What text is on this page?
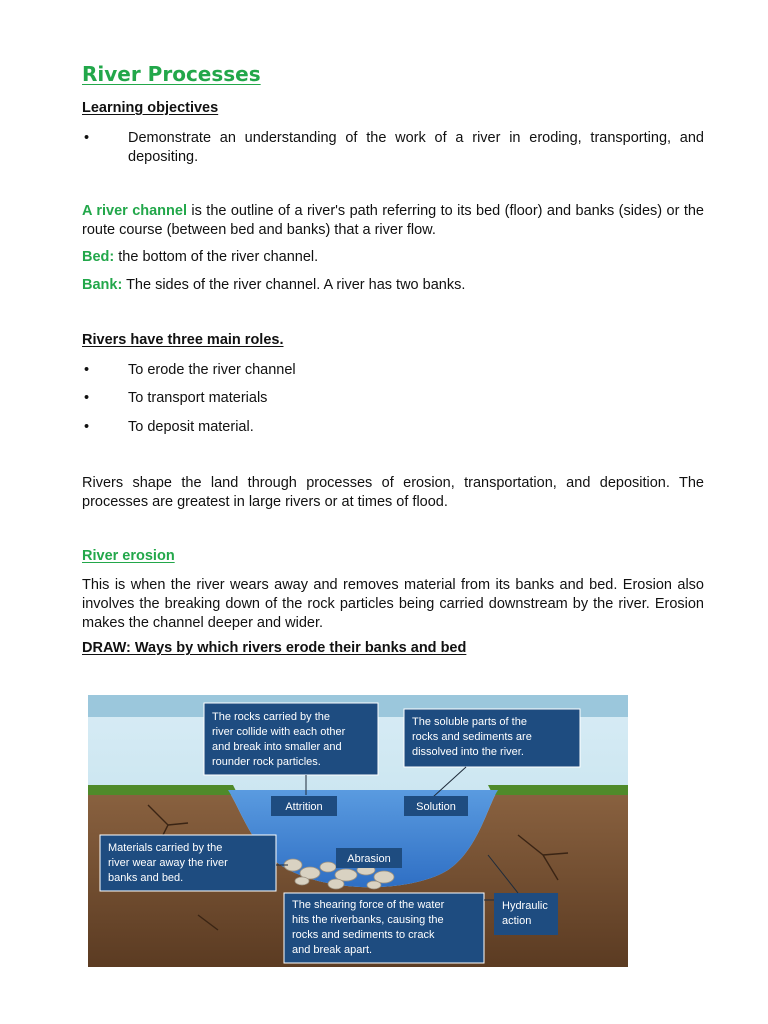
River Processes
Learning objectives
•	Demonstrate an understanding of the work of a river in eroding, transporting, and depositing.

A river channel is the outline of a river's path referring to its bed (floor) and banks (sides) or the route course (between bed and banks) that a river flow.

Bed: the bottom of the river channel.

Bank: The sides of the river channel. A river has two banks.

Rivers have three main roles.
•	To erode the river channel
•	To transport materials
•	To deposit material.

Rivers shape the land through processes of erosion, transportation, and deposition. The processes are greatest in large rivers or at times of flood.

River erosion

This is when the river wears away and removes material from its banks and bed. Erosion also involves the breaking down of the rock particles being carried downstream by the river. Erosion makes the channel deeper and wider.

DRAW: Ways by which rivers erode their banks and bed
The rocks carried by the
river collide with each other
and break into smaller and
rounder rock particles.
The soluble parts of the
rocks and sediments are
dissolved into the river.
Attrition	Solution
Abrasion
Materials carried by the
river wear away the river
banks and bed.
The shearing force of the water
hits the riverbanks, causing the
rocks and sediments to crack
and break apart.
Hydraulic
action
